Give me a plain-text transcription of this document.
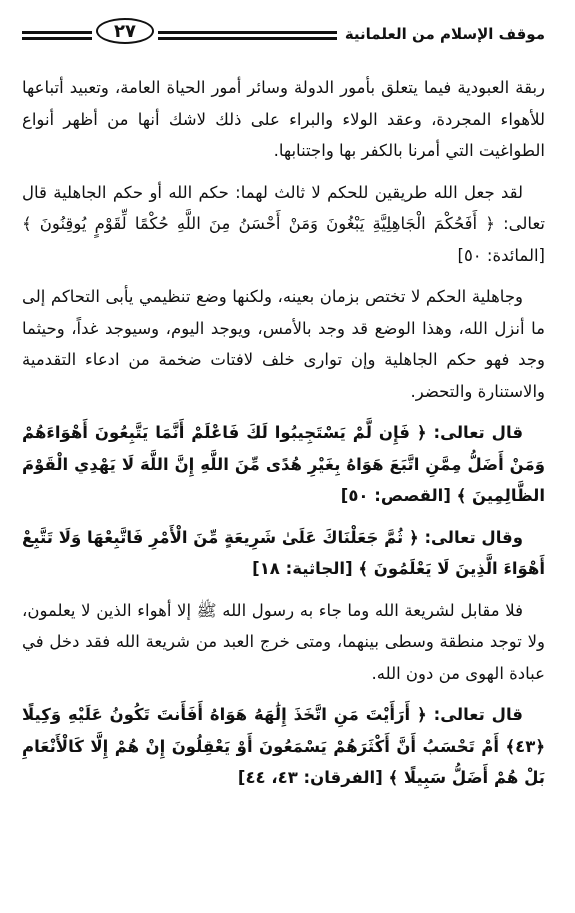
موقف الإسلام من العلمانية
٢٧

ربقة العبودية فيما يتعلق بأمور الدولة وسائر أمور الحياة العامة، وتعبيد أتباعها للأهواء المجردة، وعقد الولاء والبراء على ذلك لاشك أنها من أظهر أنواع الطواغيت التي أمرنا بالكفر بها واجتنابها.

لقد جعل الله طريقين للحكم لا ثالث لهما: حكم الله أو حكم الجاهلية قال تعالى: ﴿ أَفَحُكْمَ الْجَاهِلِيَّةِ يَبْغُونَ وَمَنْ أَحْسَنُ مِنَ اللَّهِ حُكْمًا لِّقَوْمٍ يُوقِنُونَ ﴾ [المائدة: ٥٠]

وجاهلية الحكم لا تختص بزمان بعينه، ولكنها وضع تنظيمي يأبى التحاكم إلى ما أنزل الله، وهذا الوضع قد وجد بالأمس، ويوجد اليوم، وسيوجد غداً، وحيثما وجد فهو حكم الجاهلية وإن توارى خلف لافتات ضخمة من ادعاء التقدمية والاستنارة والتحضر.

قال تعالى: ﴿ فَإِن لَّمْ يَسْتَجِيبُوا لَكَ فَاعْلَمْ أَنَّمَا يَتَّبِعُونَ أَهْوَاءَهُمْ وَمَنْ أَضَلُّ مِمَّنِ اتَّبَعَ هَوَاهُ بِغَيْرِ هُدًى مِّنَ اللَّهِ إِنَّ اللَّهَ لَا يَهْدِي الْقَوْمَ الظَّالِمِينَ ﴾ [القصص: ٥٠]

وقال تعالى: ﴿ ثُمَّ جَعَلْنَاكَ عَلَىٰ شَرِيعَةٍ مِّنَ الْأَمْرِ فَاتَّبِعْهَا وَلَا تَتَّبِعْ أَهْوَاءَ الَّذِينَ لَا يَعْلَمُونَ ﴾ [الجاثية: ١٨]

فلا مقابل لشريعة الله وما جاء به رسول الله ﷺ إلا أهواء الذين لا يعلمون، ولا توجد منطقة وسطى بينهما، ومتى خرج العبد من شريعة الله فقد دخل في عبادة الهوى من دون الله.

قال تعالى: ﴿ أَرَأَيْتَ مَنِ اتَّخَذَ إِلَٰهَهُ هَوَاهُ أَفَأَنتَ تَكُونُ عَلَيْهِ وَكِيلًا ﴿٤٣﴾ أَمْ تَحْسَبُ أَنَّ أَكْثَرَهُمْ يَسْمَعُونَ أَوْ يَعْقِلُونَ إِنْ هُمْ إِلَّا كَالْأَنْعَامِ بَلْ هُمْ أَضَلُّ سَبِيلًا ﴾ [الفرقان: ٤٣، ٤٤]
